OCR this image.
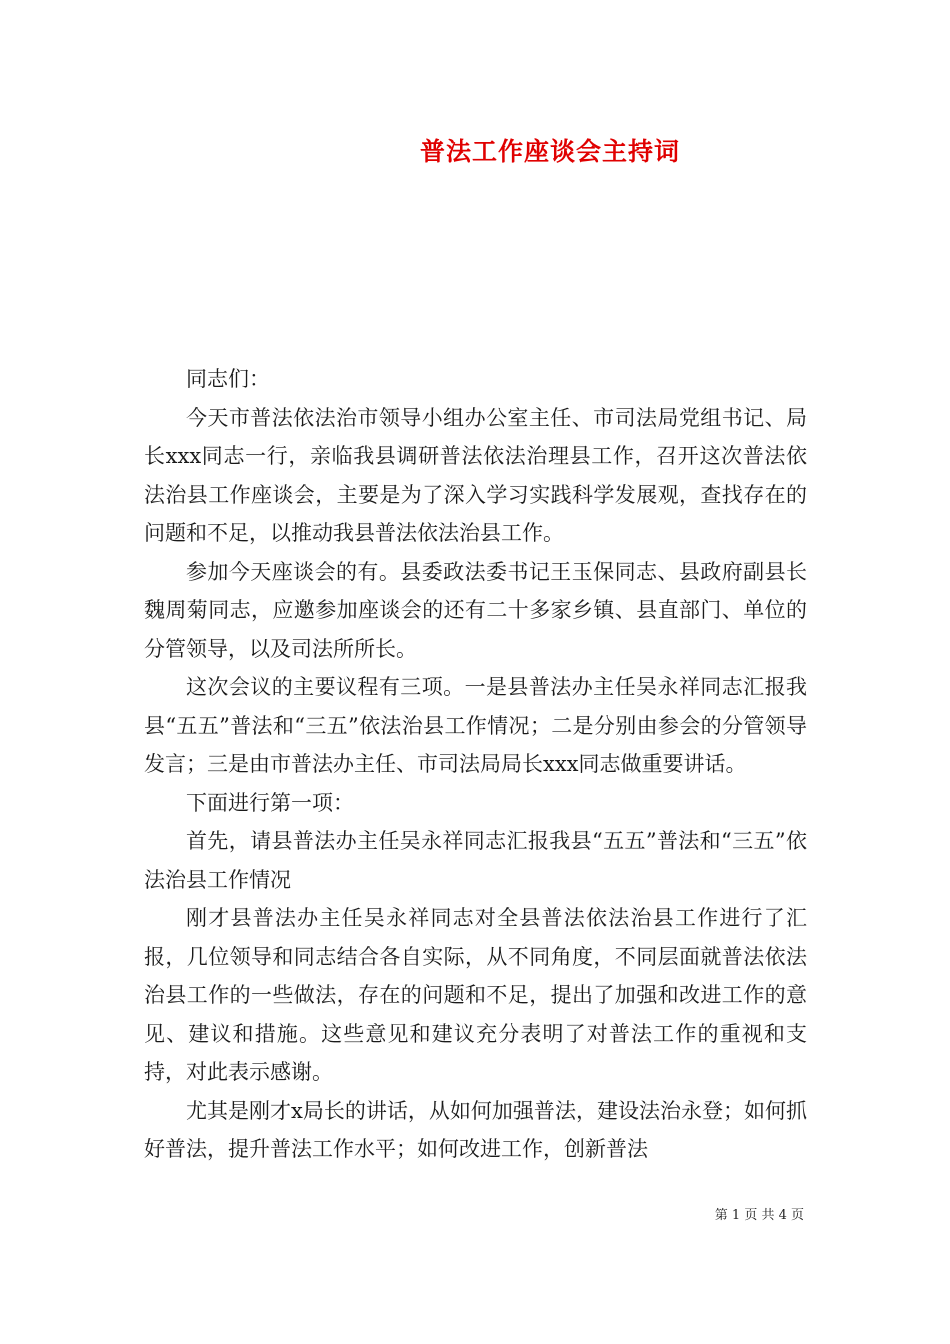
普法工作座谈会主持词

同志们：

今天市普法依法治市领导小组办公室主任、市司法局党组书记、局长xxx同志一行，亲临我县调研普法依法治理县工作，召开这次普法依法治县工作座谈会，主要是为了深入学习实践科学发展观，查找存在的问题和不足，以推动我县普法依法治县工作。

参加今天座谈会的有。县委政法委书记王玉保同志、县政府副县长魏周菊同志，应邀参加座谈会的还有二十多家乡镇、县直部门、单位的分管领导，以及司法所所长。

这次会议的主要议程有三项。一是县普法办主任吴永祥同志汇报我县“五五”普法和“三五”依法治县工作情况；二是分别由参会的分管领导发言；三是由市普法办主任、市司法局局长xxx同志做重要讲话。

下面进行第一项：

首先，请县普法办主任吴永祥同志汇报我县“五五”普法和“三五”依法治县工作情况

刚才县普法办主任吴永祥同志对全县普法依法治县工作进行了汇报，几位领导和同志结合各自实际，从不同角度，不同层面就普法依法治县工作的一些做法，存在的问题和不足，提出了加强和改进工作的意见、建议和措施。这些意见和建议充分表明了对普法工作的重视和支持，对此表示感谢。

尤其是刚才x局长的讲话，从如何加强普法，建设法治永登；如何抓好普法，提升普法工作水平；如何改进工作，创新普法

第 1 页 共 4 页
